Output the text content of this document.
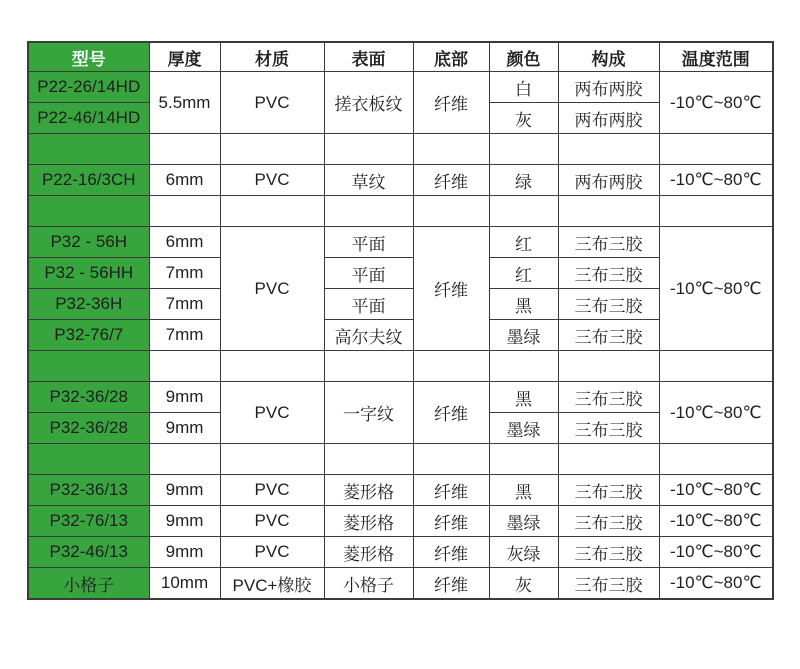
型号	厚度	材质	表面	底部	颜色	构成	温度范围
P22-26/14HD	5.5mm	PVC	搓衣板纹	纤维	白	两布两胶	-10℃~80℃
P22-46/14HD					灰	两布两胶	

P22-16/3CH	6mm	PVC	草纹	纤维	绿	两布两胶	-10℃~80℃

P32 - 56H	6mm	PVC	平面	纤维	红	三布三胶	-10℃~80℃
P32 - 56HH	7mm		平面		红	三布三胶	
P32-36H	7mm		平面		黑	三布三胶	
P32-76/7	7mm		高尔夫纹		墨绿	三布三胶	

P32-36/28	9mm	PVC	一字纹	纤维	黑	三布三胶	-10℃~80℃
P32-36/28	9mm				墨绿	三布三胶	

P32-36/13	9mm	PVC	菱形格	纤维	黑	三布三胶	-10℃~80℃
P32-76/13	9mm	PVC	菱形格	纤维	墨绿	三布三胶	-10℃~80℃
P32-46/13	9mm	PVC	菱形格	纤维	灰绿	三布三胶	-10℃~80℃
小格子	10mm	PVC+橡胶	小格子	纤维	灰	三布三胶	-10℃~80℃
